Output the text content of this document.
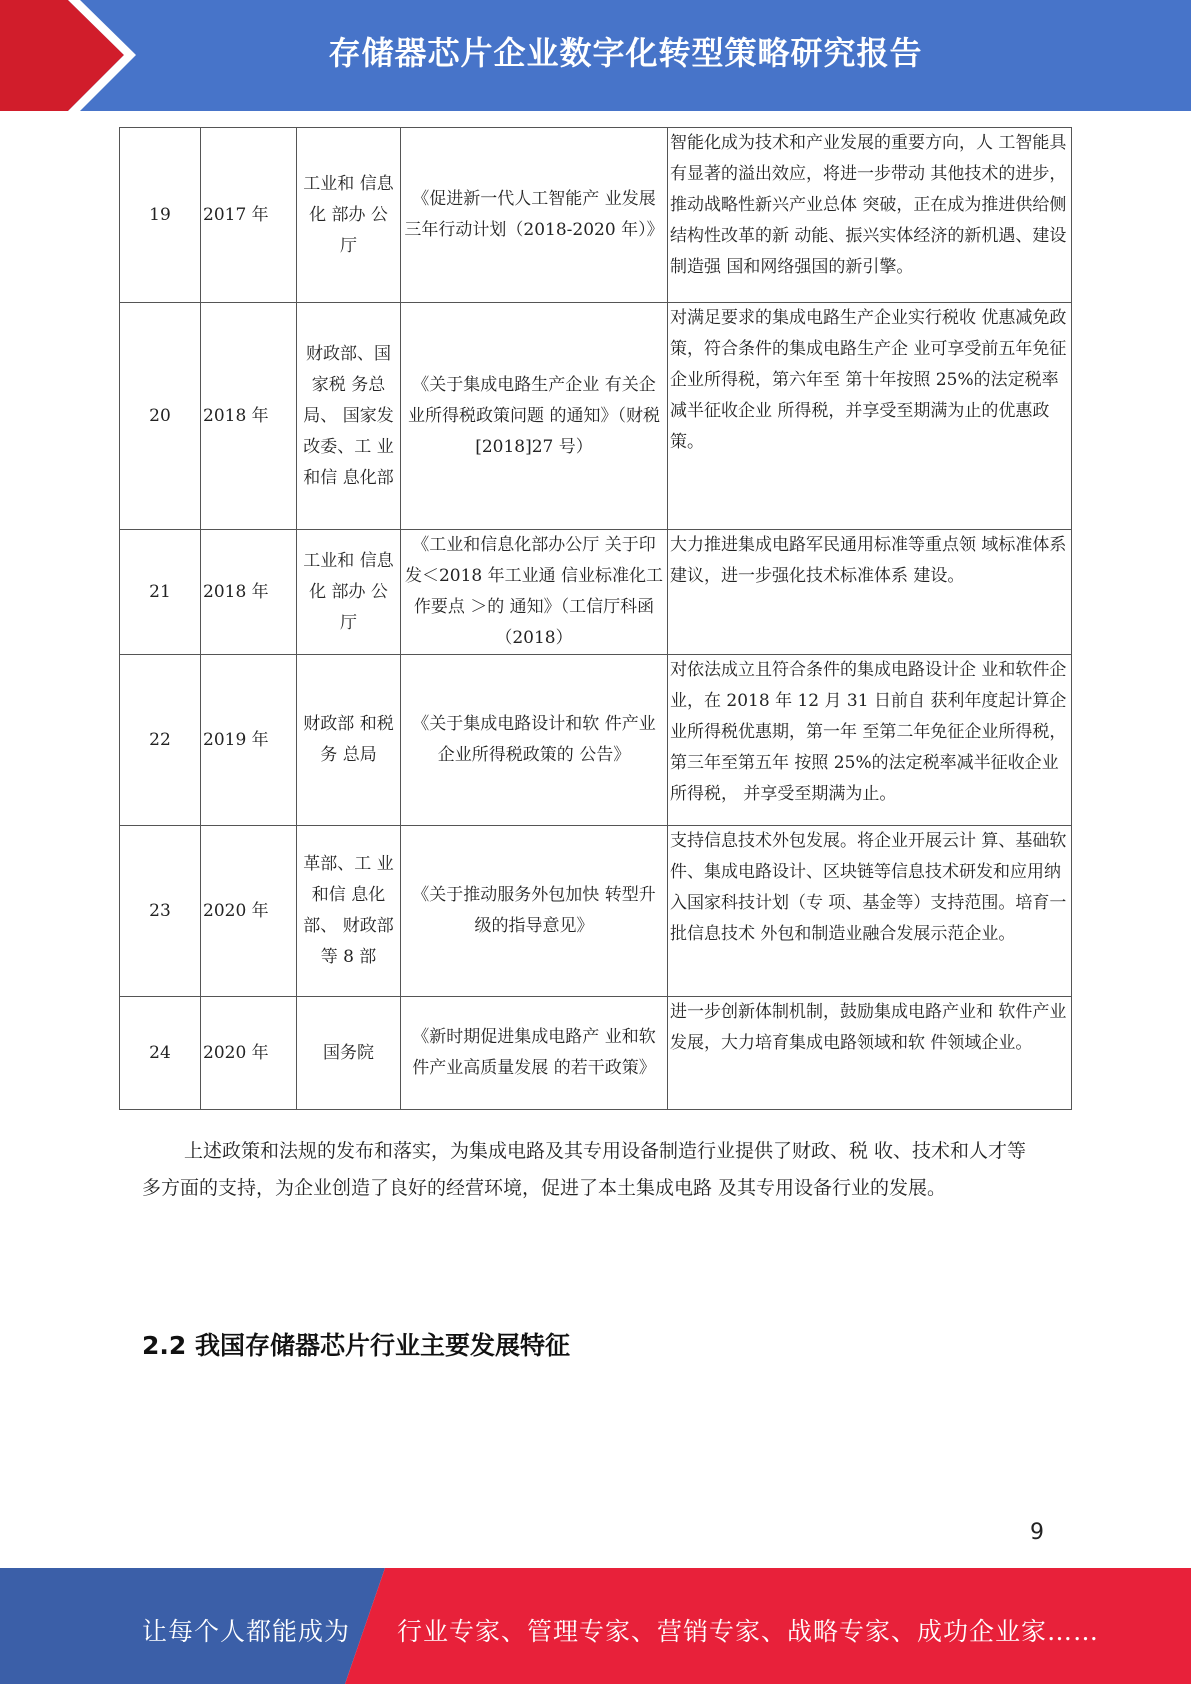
存储器芯片企业数字化转型策略研究报告
19	2017 年	工业和 信息化 部办 公 厅	《促进新一代人工智能产 业发展三年行动计划（2018-2020 年）》	智能化成为技术和产业发展的重要方向，人 工智能具有显著的溢出效应，将进一步带动 其他技术的进步，推动战略性新兴产业总体 突破，正在成为推进供给侧结构性改革的新 动能、振兴实体经济的新机遇、建设制造强 国和网络强国的新引擎。
20	2018 年	财政部、国家税 务总局、 国家发 改委、工 业和信 息化部	《关于集成电路生产企业 有关企业所得税政策问题 的通知》（财税[2018]27 号）	对满足要求的集成电路生产企业实行税收 优惠减免政策，符合条件的集成电路生产企 业可享受前五年免征企业所得税，第六年至 第十年按照 25%的法定税率减半征收企业 所得税，并享受至期满为止的优惠政策。
21	2018 年	工业和 信息化 部办 公 厅	《工业和信息化部办公厅 关于印发＜2018 年工业通 信业标准化工作要点 ＞的 通知》（工信厅科函（2018）	大力推进集成电路军民通用标准等重点领 域标准体系建议，进一步强化技术标准体系 建设。
22	2019 年	财政部 和税务 总局	《关于集成电路设计和软 件产业企业所得税政策的 公告》	对依法成立且符合条件的集成电路设计企 业和软件企业，在 2018 年 12 月 31 日前自 获利年度起计算企业所得税优惠期，第一年 至第二年免征企业所得税，第三年至第五年 按照 25%的法定税率减半征收企业所得税， 并享受至期满为止。
23	2020 年	革部、工 业和信 息化部、 财政部 等 8 部	《关于推动服务外包加快 转型升级的指导意见》	支持信息技术外包发展。将企业开展云计 算、基础软件、集成电路设计、区块链等信息技术研发和应用纳入国家科技计划（专 项、基金等）支持范围。培育一批信息技术 外包和制造业融合发展示范企业。
24	2020 年	国务院	《新时期促进集成电路产 业和软件产业高质量发展 的若干政策》	进一步创新体制机制，鼓励集成电路产业和 软件产业发展，大力培育集成电路领域和软 件领域企业。

上述政策和法规的发布和落实，为集成电路及其专用设备制造行业提供了财政、税 收、技术和人才等多方面的支持，为企业创造了良好的经营环境，促进了本土集成电路 及其专用设备行业的发展。

2.2 我国存储器芯片行业主要发展特征
9
让每个人都能成为 行业专家、管理专家、营销专家、战略专家、成功企业家……
